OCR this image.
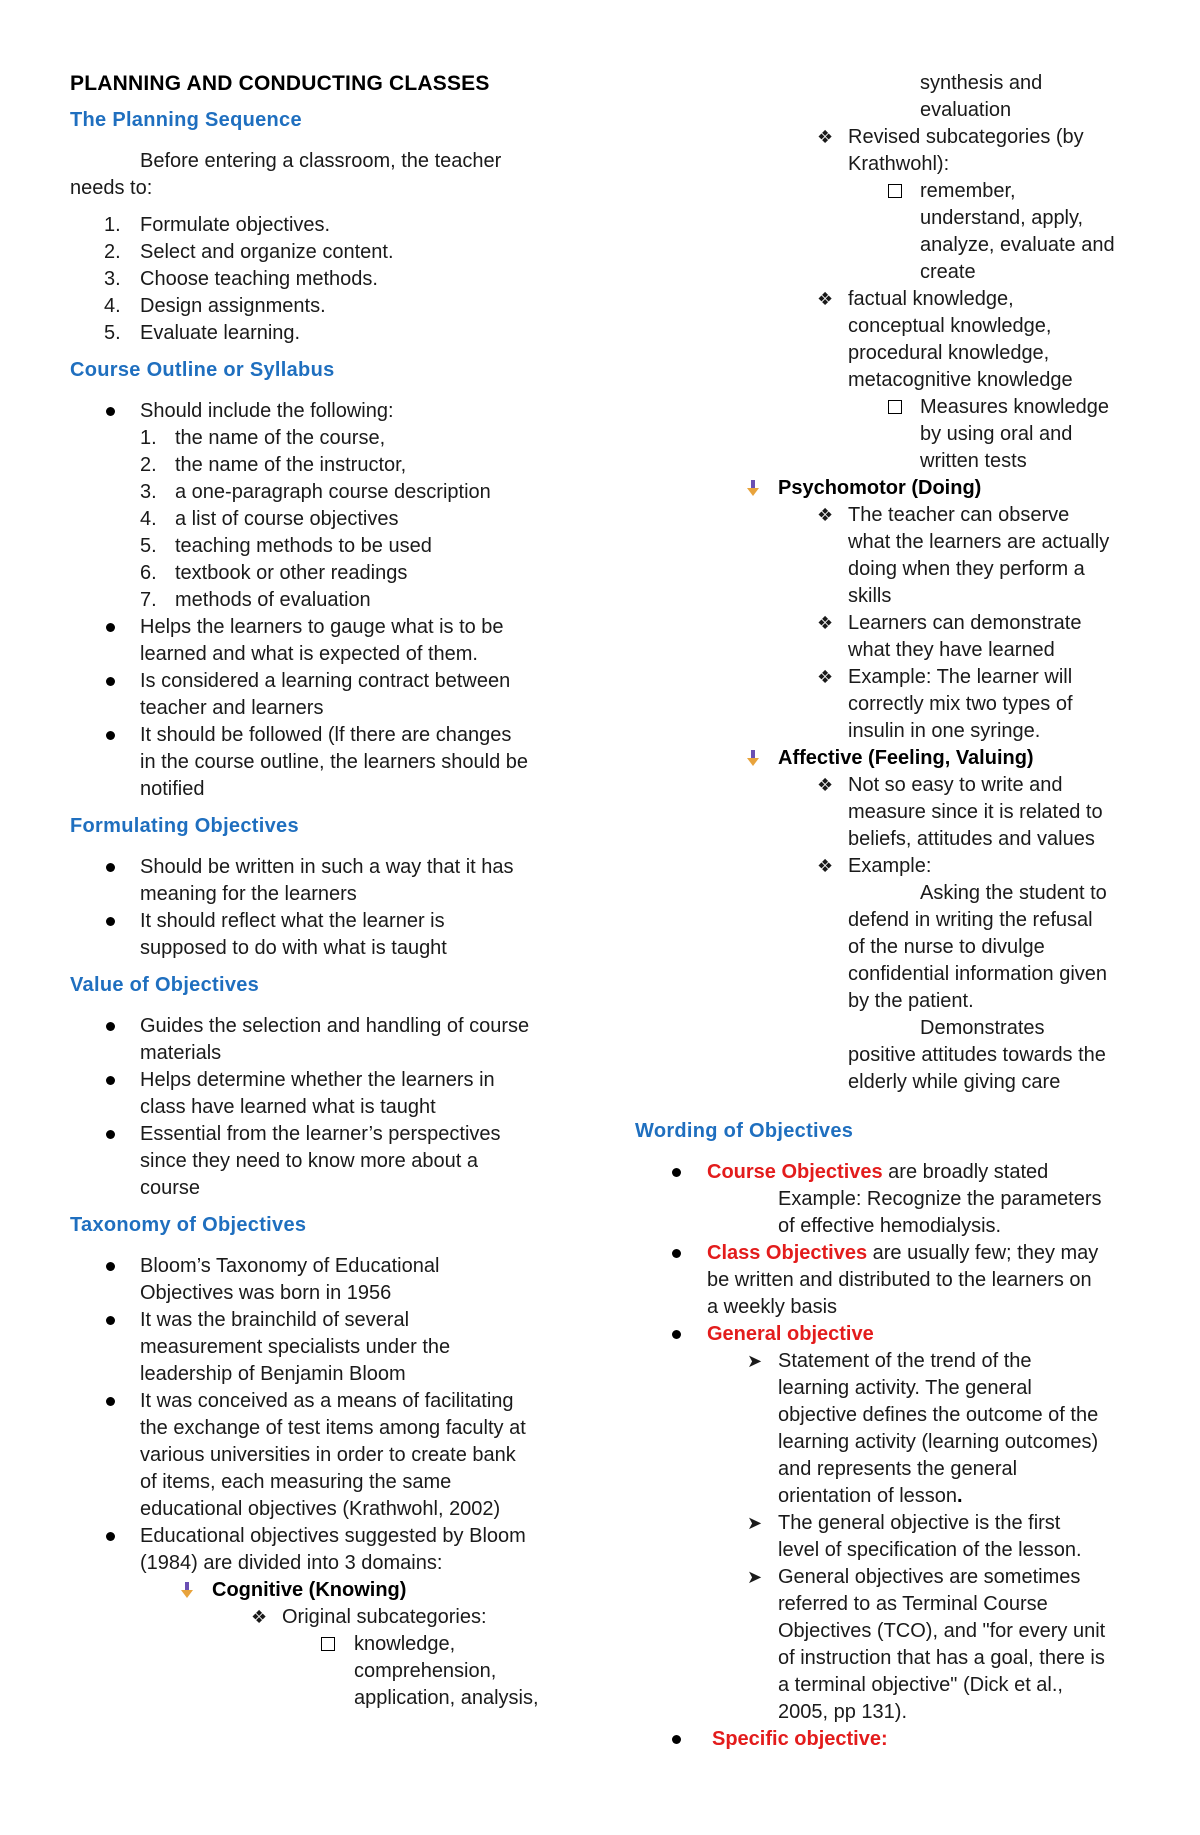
PLANNING AND CONDUCTING CLASSES
The Planning Sequence
Before entering a classroom, the teacher
needs to:
1. Formulate objectives.
2. Select and organize content.
3. Choose teaching methods.
4. Design assignments.
5. Evaluate learning.
Course Outline or Syllabus
Should include the following:
1. the name of the course,
2. the name of the instructor,
3. a one-paragraph course description
4. a list of course objectives
5. teaching methods to be used
6. textbook or other readings
7. methods of evaluation
Helps the learners to gauge what is to be
learned and what is expected of them.
Is considered a learning contract between
teacher and learners
It should be followed (lf there are changes
in the course outline, the learners should be
notified
Formulating Objectives
Should be written in such a way that it has
meaning for the learners
It should reflect what the learner is
supposed to do with what is taught
Value of Objectives
Guides the selection and handling of course
materials
Helps determine whether the learners in
class have learned what is taught
Essential from the learner’s perspectives
since they need to know more about a
course
Taxonomy of Objectives
Bloom’s Taxonomy of Educational
Objectives was born in 1956
It was the brainchild of several
measurement specialists under the
leadership of Benjamin Bloom
It was conceived as a means of facilitating
the exchange of test items among faculty at
various universities in order to create bank
of items, each measuring the same
educational objectives (Krathwohl, 2002)
Educational objectives suggested by Bloom
(1984) are divided into 3 domains:
Cognitive (Knowing)
❖ Original subcategories:
knowledge,
comprehension,
application, analysis,
synthesis and
evaluation
❖ Revised subcategories (by
Krathwohl):
remember,
understand, apply,
analyze, evaluate and
create
❖ factual knowledge,
conceptual knowledge,
procedural knowledge,
metacognitive knowledge
Measures knowledge
by using oral and
written tests
Psychomotor (Doing)
❖ The teacher can observe
what the learners are actually
doing when they perform a
skills
❖ Learners can demonstrate
what they have learned
❖ Example: The learner will
correctly mix two types of
insulin in one syringe.
Affective (Feeling, Valuing)
❖ Not so easy to write and
measure since it is related to
beliefs, attitudes and values
❖ Example:
Asking the student to
defend in writing the refusal
of the nurse to divulge
confidential information given
by the patient.
Demonstrates
positive attitudes towards the
elderly while giving care
Wording of Objectives
Course Objectives are broadly stated
Example: Recognize the parameters
of effective hemodialysis.
Class Objectives are usually few; they may
be written and distributed to the learners on
a weekly basis
General objective
➤ Statement of the trend of the
learning activity. The general
objective defines the outcome of the
learning activity (learning outcomes)
and represents the general
orientation of lesson.
➤ The general objective is the first
level of specification of the lesson.
➤ General objectives are sometimes
referred to as Terminal Course
Objectives (TCO), and "for every unit
of instruction that has a goal, there is
a terminal objective" (Dick et al.,
2005, pp 131).
Specific objective:
